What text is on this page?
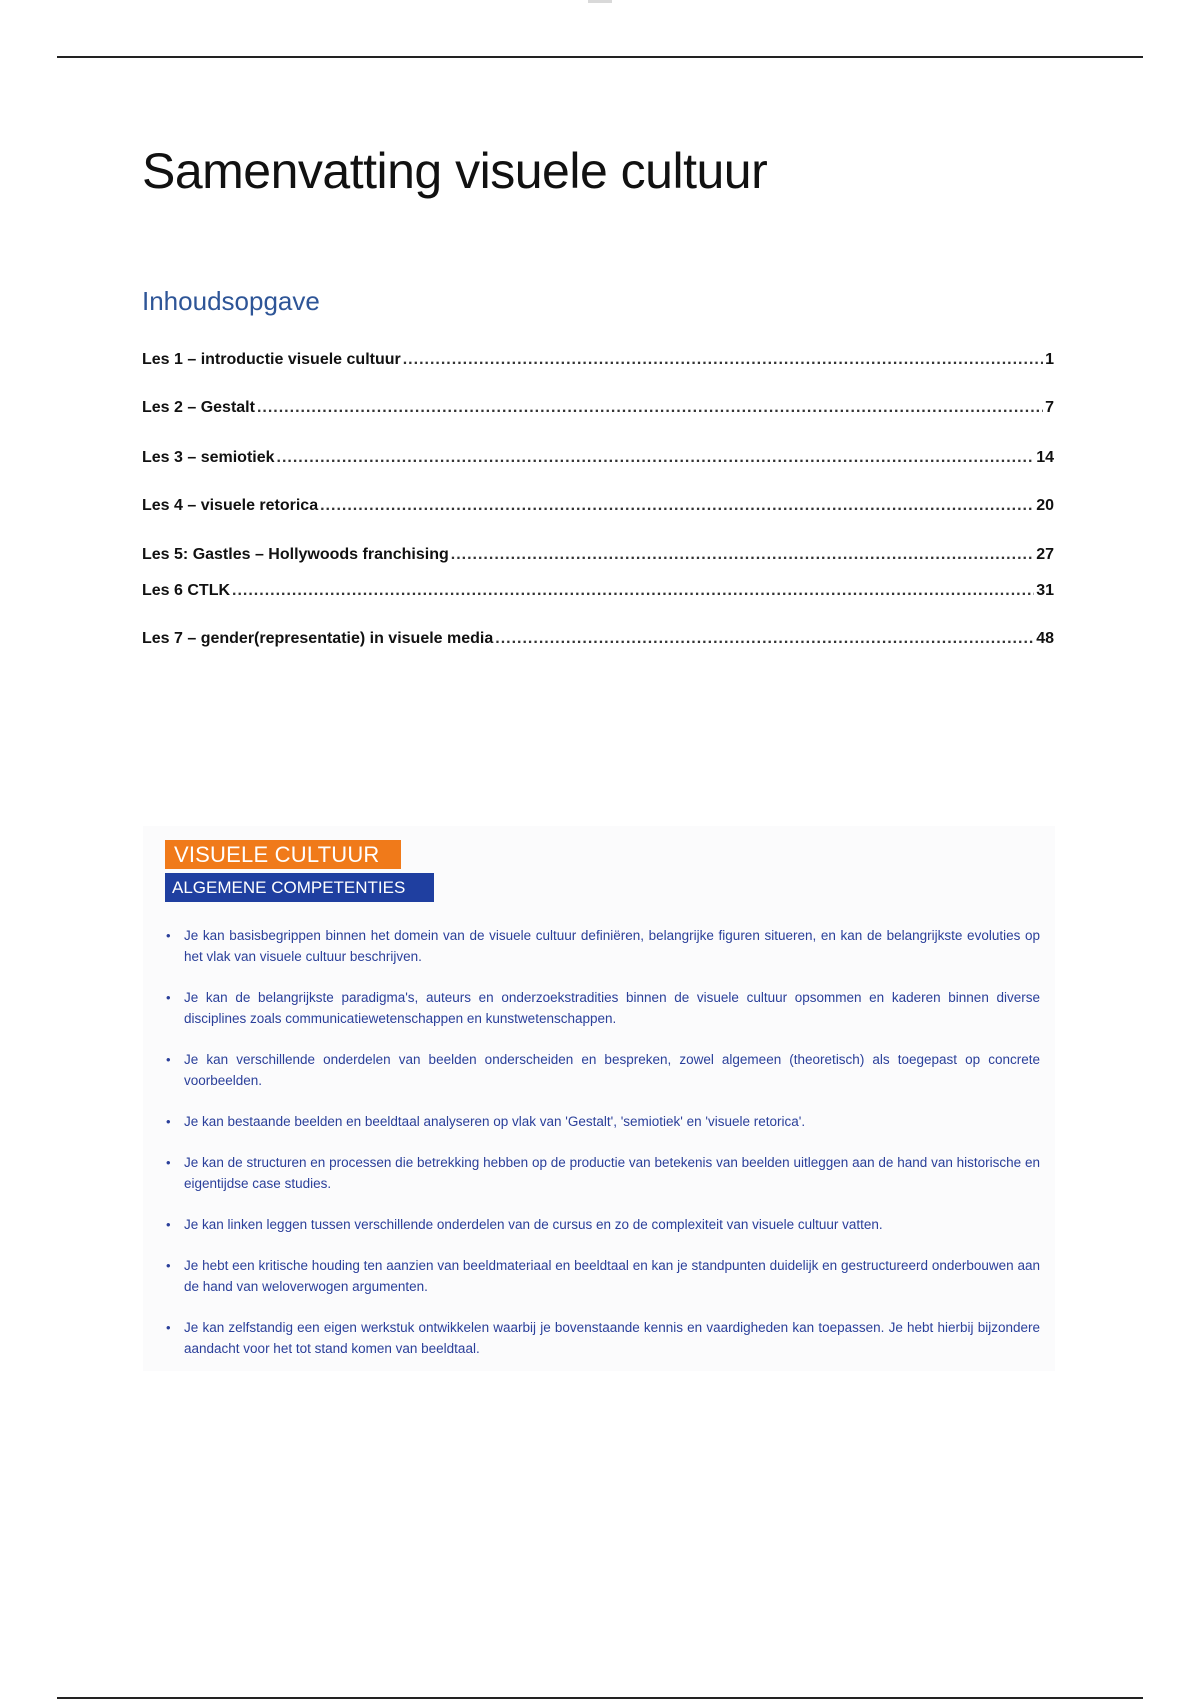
Samenvatting visuele cultuur
Inhoudsopgave
Les 1 – introductie visuele cultuur .....	1
Les 2 – Gestalt .....	7
Les 3 – semiotiek .....	14
Les 4 – visuele retorica .....	20
Les 5: Gastles – Hollywoods franchising .....	27
Les 6 CTLK .....	31
Les 7 – gender(representatie) in visuele media .....	48
VISUELE CULTUUR
ALGEMENE COMPETENTIES
• Je kan basisbegrippen binnen het domein van de visuele cultuur definiëren, belangrijke figuren situeren, en kan de belangrijkste evoluties op het vlak van visuele cultuur beschrijven.
• Je kan de belangrijkste paradigma's, auteurs en onderzoekstradities binnen de visuele cultuur opsommen en kaderen binnen diverse disciplines zoals communicatiewetenschappen en kunstwetenschappen.
• Je kan verschillende onderdelen van beelden onderscheiden en bespreken, zowel algemeen (theoretisch) als toegepast op concrete voorbeelden.
• Je kan bestaande beelden en beeldtaal analyseren op vlak van 'Gestalt', 'semiotiek' en 'visuele retorica'.
• Je kan de structuren en processen die betrekking hebben op de productie van betekenis van beelden uitleggen aan de hand van historische en eigentijdse case studies.
• Je kan linken leggen tussen verschillende onderdelen van de cursus en zo de complexiteit van visuele cultuur vatten.
• Je hebt een kritische houding ten aanzien van beeldmateriaal en beeldtaal en kan je standpunten duidelijk en gestructureerd onderbouwen aan de hand van weloverwogen argumenten.
• Je kan zelfstandig een eigen werkstuk ontwikkelen waarbij je bovenstaande kennis en vaardigheden kan toepassen. Je hebt hierbij bijzondere aandacht voor het tot stand komen van beeldtaal.
